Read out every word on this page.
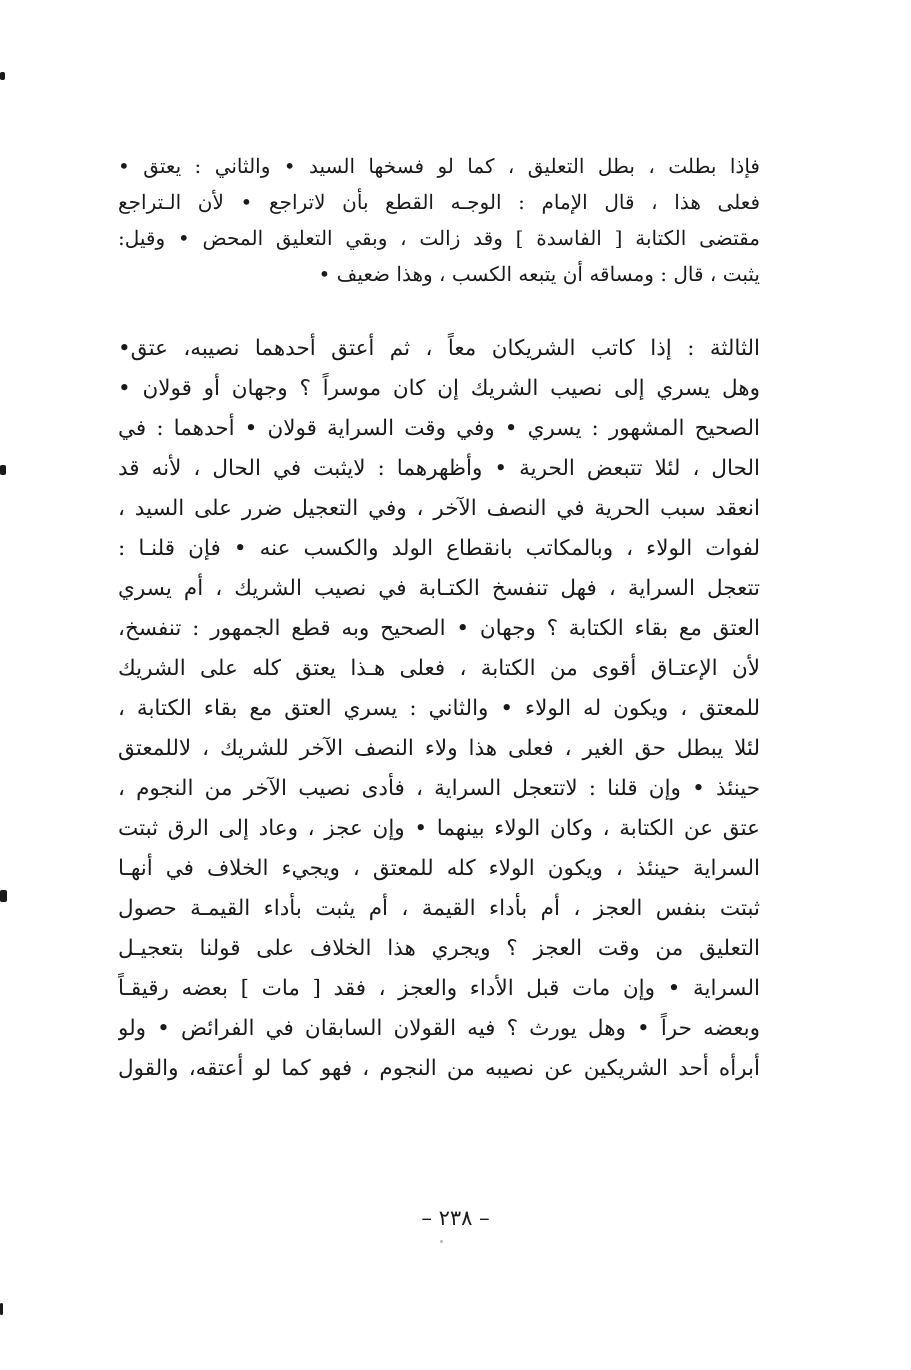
فإذا بطلت ، بطل التعليق ، كما لو فسخها السيد • والثاني : يعتق •
فعلى هذا ، قال الإمام : الوجـه القطع بأن لاتراجع • لأن الـتراجع
مقتضى الكتابة [ الفاسدة ] وقد زالت ، وبقي التعليق المحض • وقيل:
يثبت ، قال : ومساقه أن يتبعه الكسب ، وهذا ضعيف •
الثالثة : إذا كاتب الشريكان معاً ، ثم أعتق أحدهما نصيبه، عتق•
وهل يسري إلى نصيب الشريك إن كان موسراً ؟ وجهان أو قولان •
الصحيح المشهور : يسري • وفي وقت السراية قولان • أحدهما : في
الحال ، لئلا تتبعض الحرية • وأظهرهما : لايثبت في الحال ، لأنه قد
انعقد سبب الحرية في النصف الآخر ، وفي التعجيل ضرر على السيد ،
لفوات الولاء ، وبالمكاتب بانقطاع الولد والكسب عنه • فإن قلنـا :
تتعجل السراية ، فهل تنفسخ الكتـابة في نصيب الشريك ، أم يسري
العتق مع بقاء الكتابة ؟ وجهان • الصحيح وبه قطع الجمهور : تنفسخ،
لأن الإعتـاق أقوى من الكتابة ، فعلى هـذا يعتق كله على الشريك
للمعتق ، ويكون له الولاء • والثاني : يسري العتق مع بقاء الكتابة ،
لئلا يبطل حق الغير ، فعلى هذا ولاء النصف الآخر للشريك ، لاللمعتق
حينئذ • وإن قلنا : لاتتعجل السراية ، فأدى نصيب الآخر من النجوم ،
عتق عن الكتابة ، وكان الولاء بينهما • وإن عجز ، وعاد إلى الرق ثبتت
السراية حينئذ ، ويكون الولاء كله للمعتق ، ويجيء الخلاف في أنهـا
ثبتت بنفس العجز ، أم بأداء القيمة ، أم يثبت بأداء القيمـة حصول
التعليق من وقت العجز ؟ ويجري هذا الخلاف على قولنا بتعجيـل
السراية • وإن مات قبل الأداء والعجز ، فقد [ مات ] بعضه رقيقـاً
وبعضه حراً • وهل يورث ؟ فيه القولان السابقان في الفرائض • ولو
أبرأه أحد الشريكين عن نصيبه من النجوم ، فهو كما لو أعتقه، والقول
– ٢٣٨ –
